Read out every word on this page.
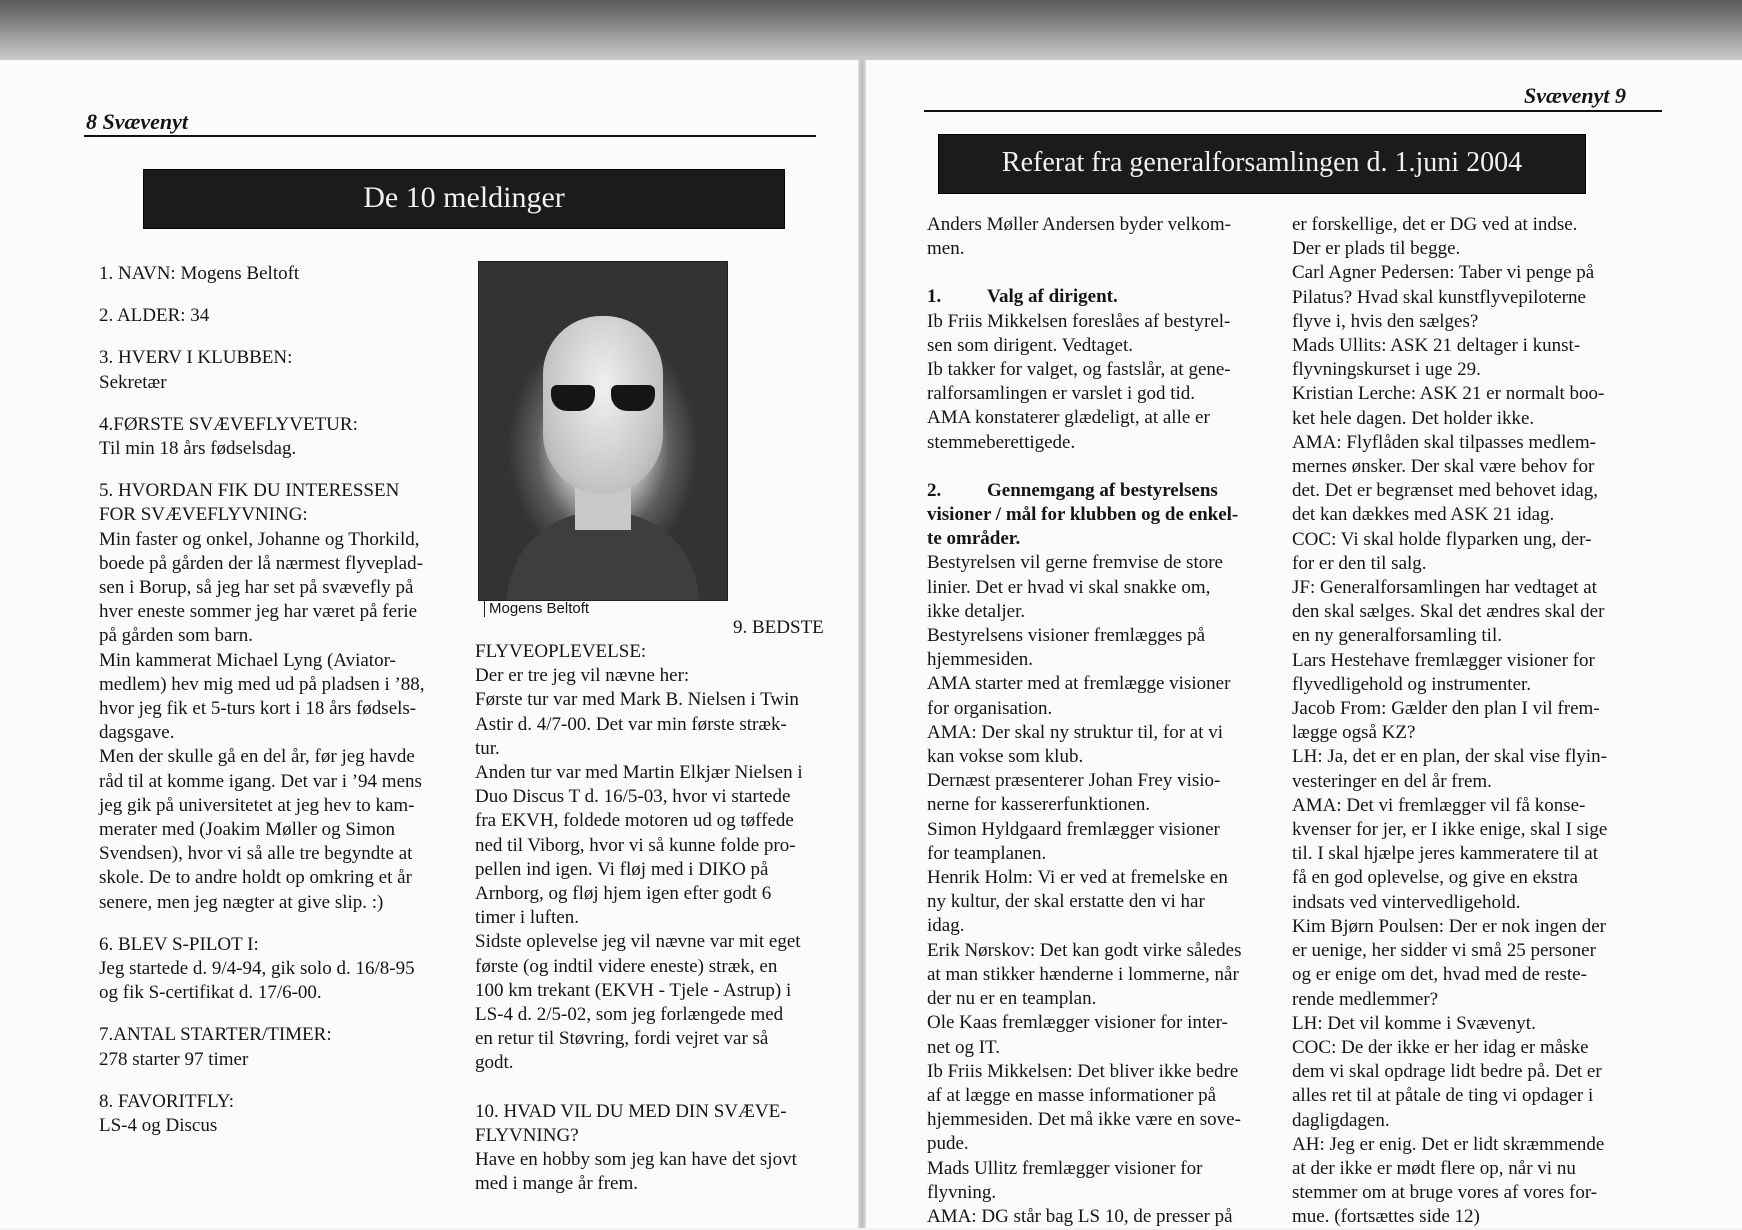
8 Svævenyt
De 10 meldinger

1. NAVN: Mogens Beltoft

2. ALDER: 34

3. HVERV I KLUBBEN:

Sekretær

4.FØRSTE SVÆVEFLYVETUR:

Til min 18 års fødselsdag.

5. HVORDAN FIK DU INTERESSEN

FOR SVÆVEFLYVNING:

Min faster og onkel, Johanne og Thorkild,

boede på gården der lå nærmest flyveplad-

sen i Borup, så jeg har set på svævefly på

hver eneste sommer jeg har været på ferie

på gården som barn.

Min kammerat Michael Lyng (Aviator-

medlem) hev mig med ud på pladsen i ’88,

hvor jeg fik et 5-turs kort i 18 års fødsels-

dagsgave.

Men der skulle gå en del år, før jeg havde

råd til at komme igang. Det var i ’94 mens

jeg gik på universitetet at jeg hev to kam-

merater med (Joakim Møller og Simon

Svendsen), hvor vi så alle tre begyndte at

skole. De to andre holdt op omkring et år

senere, men jeg nægter at give slip. :)

6. BLEV S-PILOT I:

Jeg startede d. 9/4-94, gik solo d. 16/8-95

og fik S-certifikat d. 17/6-00.

7.ANTAL STARTER/TIMER:

278 starter 97 timer

8. FAVORITFLY:

LS-4 og Discus

Mogens Beltoft
9. BEDSTE

FLYVEOPLEVELSE:

Der er tre jeg vil nævne her:

Første tur var med Mark B. Nielsen i Twin

Astir d. 4/7-00. Det var min første stræk-

tur.

Anden tur var med Martin Elkjær Nielsen i

Duo Discus T d. 16/5-03, hvor vi startede

fra EKVH, foldede motoren ud og tøffede

ned til Viborg, hvor vi så kunne folde pro-

pellen ind igen. Vi fløj med i DIKO på

Arnborg, og fløj hjem igen efter godt 6

timer i luften.

Sidste oplevelse jeg vil nævne var mit eget

første (og indtil videre eneste) stræk, en

100 km trekant (EKVH - Tjele - Astrup) i

LS-4 d. 2/5-02, som jeg forlængede med

en retur til Støvring, fordi vejret var så

godt.

10. HVAD VIL DU MED DIN SVÆVE-

FLYVNING?

Have en hobby som jeg kan have det sjovt

med i mange år frem.

Svævenyt 9
Referat fra generalforsamlingen d. 1.juni 2004

Anders Møller Andersen byder velkom-

men.

1. Valg af dirigent.

Ib Friis Mikkelsen foreslåes af bestyrel-

sen som dirigent. Vedtaget.

Ib takker for valget, og fastslår, at gene-

ralforsamlingen er varslet i god tid.

AMA konstaterer glædeligt, at alle er

stemmeberettigede.

2. Gennemgang af bestyrelsens

visioner / mål for klubben og de enkel-

te områder.

Bestyrelsen vil gerne fremvise de store

linier. Det er hvad vi skal snakke om,

ikke detaljer.

Bestyrelsens visioner fremlægges på

hjemmesiden.

AMA starter med at fremlægge visioner

for organisation.

AMA: Der skal ny struktur til, for at vi

kan vokse som klub.

Dernæst præsenterer Johan Frey visio-

nerne for kassererfunktionen.

Simon Hyldgaard fremlægger visioner

for teamplanen.

Henrik Holm: Vi er ved at fremelske en

ny kultur, der skal erstatte den vi har

idag.

Erik Nørskov: Det kan godt virke således

at man stikker hænderne i lommerne, når

der nu er en teamplan.

Ole Kaas fremlægger visioner for inter-

net og IT.

Ib Friis Mikkelsen: Det bliver ikke bedre

af at lægge en masse informationer på

hjemmesiden. Det må ikke være en sove-

pude.

Mads Ullitz fremlægger visioner for

flyvning.

AMA: DG står bag LS 10, de presser på

er forskellige, det er DG ved at indse.

Der er plads til begge.

Carl Agner Pedersen: Taber vi penge på

Pilatus? Hvad skal kunstflyvepiloterne

flyve i, hvis den sælges?

Mads Ullits: ASK 21 deltager i kunst-

flyvningskurset i uge 29.

Kristian Lerche: ASK 21 er normalt boo-

ket hele dagen. Det holder ikke.

AMA: Flyflåden skal tilpasses medlem-

mernes ønsker. Der skal være behov for

det. Det er begrænset med behovet idag,

det kan dækkes med ASK 21 idag.

COC: Vi skal holde flyparken ung, der-

for er den til salg.

JF: Generalforsamlingen har vedtaget at

den skal sælges. Skal det ændres skal der

en ny generalforsamling til.

Lars Hestehave fremlægger visioner for

flyvedligehold og instrumenter.

Jacob From: Gælder den plan I vil frem-

lægge også KZ?

LH: Ja, det er en plan, der skal vise flyin-

vesteringer en del år frem.

AMA: Det vi fremlægger vil få konse-

kvenser for jer, er I ikke enige, skal I sige

til. I skal hjælpe jeres kammeratere til at

få en god oplevelse, og give en ekstra

indsats ved vintervedligehold.

Kim Bjørn Poulsen: Der er nok ingen der

er uenige, her sidder vi små 25 personer

og er enige om det, hvad med de reste-

rende medlemmer?

LH: Det vil komme i Svævenyt.

COC: De der ikke er her idag er måske

dem vi skal opdrage lidt bedre på. Det er

alles ret til at påtale de ting vi opdager i

dagligdagen.

AH: Jeg er enig. Det er lidt skræmmende

at der ikke er mødt flere op, når vi nu

stemmer om at bruge vores af vores for-

mue. (fortsættes side 12)
